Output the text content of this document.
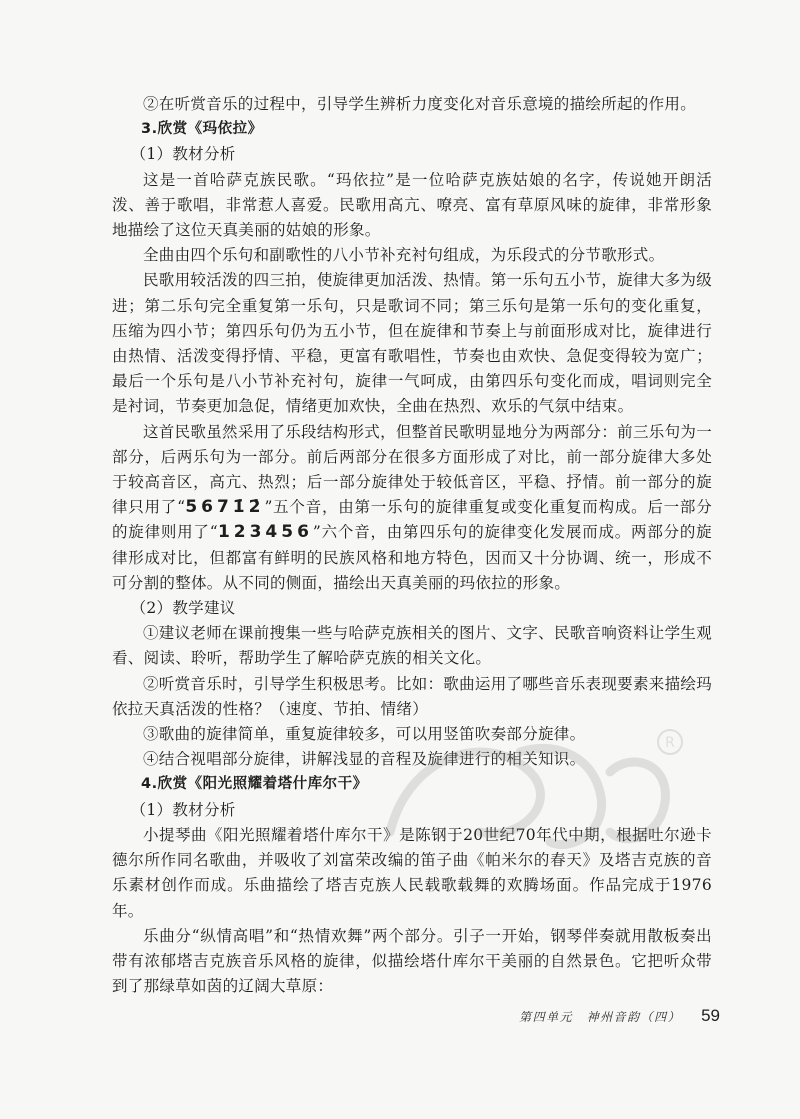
②在听赏音乐的过程中，引导学生辨析力度变化对音乐意境的描绘所起的作用。

3.欣赏《玛依拉》
（1）教材分析

这是一首哈萨克族民歌。“玛依拉”是一位哈萨克族姑娘的名字，传说她开朗活泼、善于歌唱，非常惹人喜爱。民歌用高亢、嘹亮、富有草原风味的旋律，非常形象地描绘了这位天真美丽的姑娘的形象。

全曲由四个乐句和副歌性的八小节补充衬句组成，为乐段式的分节歌形式。

民歌用较活泼的四三拍，使旋律更加活泼、热情。第一乐句五小节，旋律大多为级进；第二乐句完全重复第一乐句，只是歌词不同；第三乐句是第一乐句的变化重复，压缩为四小节；第四乐句仍为五小节，但在旋律和节奏上与前面形成对比，旋律进行由热情、活泼变得抒情、平稳，更富有歌唱性，节奏也由欢快、急促变得较为宽广；最后一个乐句是八小节补充衬句，旋律一气呵成，由第四乐句变化而成，唱词则完全是衬词，节奏更加急促，情绪更加欢快，全曲在热烈、欢乐的气氛中结束。

这首民歌虽然采用了乐段结构形式，但整首民歌明显地分为两部分：前三乐句为一部分，后两乐句为一部分。前后两部分在很多方面形成了对比，前一部分旋律大多处于较高音区，高亢、热烈；后一部分旋律处于较低音区，平稳、抒情。前一部分的旋律只用了“5671̇2̇”五个音，由第一乐句的旋律重复或变化重复而构成。后一部分的旋律则用了“123456”六个音，由第四乐句的旋律变化发展而成。两部分的旋律形成对比，但都富有鲜明的民族风格和地方特色，因而又十分协调、统一，形成不可分割的整体。从不同的侧面，描绘出天真美丽的玛依拉的形象。

（2）教学建议

①建议老师在课前搜集一些与哈萨克族相关的图片、文字、民歌音响资料让学生观看、阅读、聆听，帮助学生了解哈萨克族的相关文化。

②听赏音乐时，引导学生积极思考。比如：歌曲运用了哪些音乐表现要素来描绘玛依拉天真活泼的性格？（速度、节拍、情绪）

③歌曲的旋律简单，重复旋律较多，可以用竖笛吹奏部分旋律。

④结合视唱部分旋律，讲解浅显的音程及旋律进行的相关知识。

4.欣赏《阳光照耀着塔什库尔干》
（1）教材分析

小提琴曲《阳光照耀着塔什库尔干》是陈钢于20世纪70年代中期，根据吐尔逊卡德尔所作同名歌曲，并吸收了刘富荣改编的笛子曲《帕米尔的春天》及塔吉克族的音乐素材创作而成。乐曲描绘了塔吉克族人民载歌载舞的欢腾场面。作品完成于1976年。

乐曲分“纵情高唱”和“热情欢舞”两个部分。引子一开始，钢琴伴奏就用散板奏出带有浓郁塔吉克族音乐风格的旋律，似描绘塔什库尔干美丽的自然景色。它把听众带到了那绿草如茵的辽阔大草原：

R
第四单元　神州音韵（四） 59
